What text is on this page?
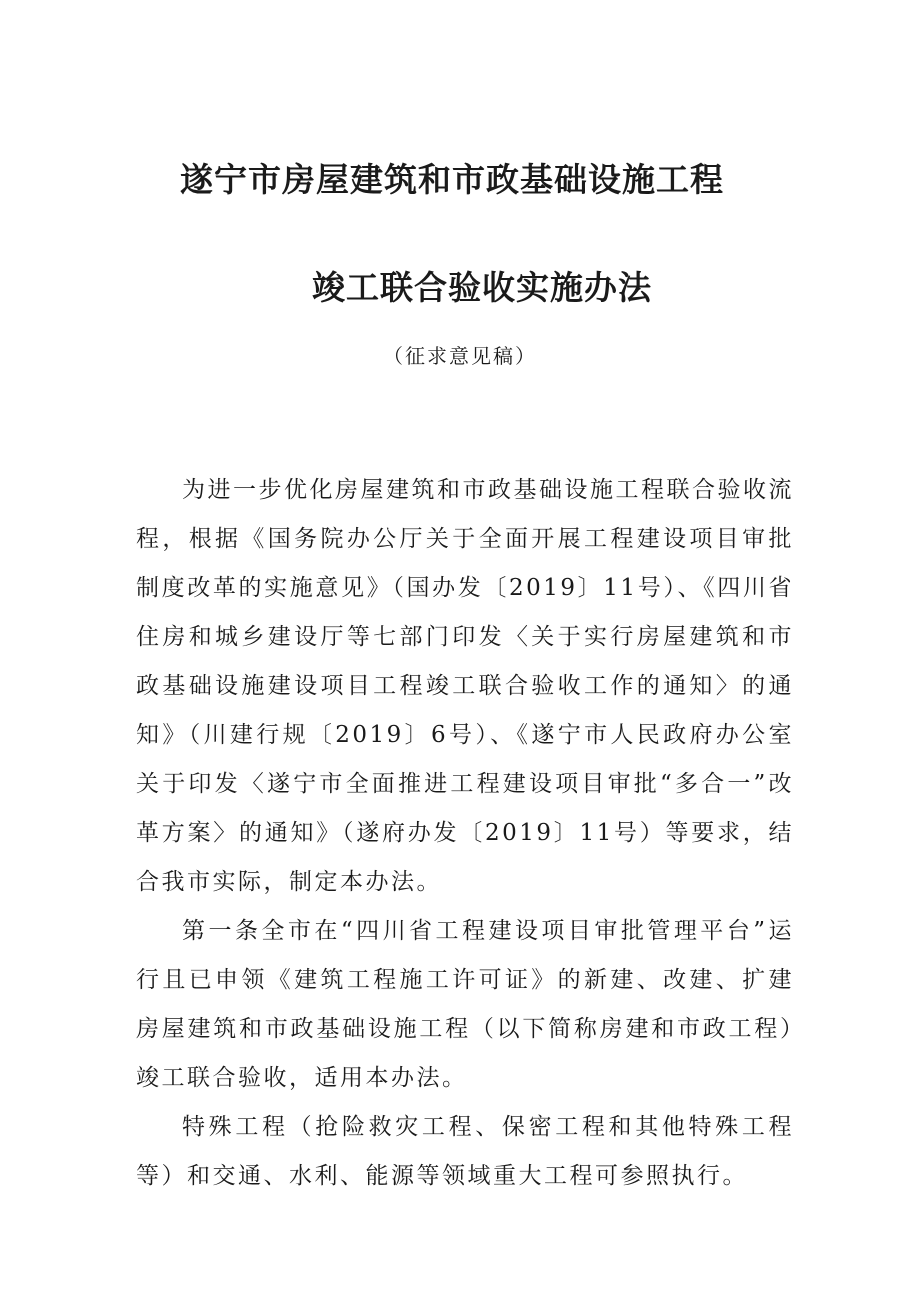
遂宁市房屋建筑和市政基础设施工程
竣工联合验收实施办法

（征求意见稿）

为进一步优化房屋建筑和市政基础设施工程联合验收流程，根据《国务院办公厅关于全面开展工程建设项目审批制度改革的实施意见》（国办发〔2019〕11号）、《四川省住房和城乡建设厅等七部门印发〈关于实行房屋建筑和市政基础设施建设项目工程竣工联合验收工作的通知〉的通知》（川建行规〔2019〕6号）、《遂宁市人民政府办公室关于印发〈遂宁市全面推进工程建设项目审批“多合一”改革方案〉的通知》（遂府办发〔2019〕11号）等要求，结合我市实际，制定本办法。

第一条全市在“四川省工程建设项目审批管理平台”运行且已申领《建筑工程施工许可证》的新建、改建、扩建房屋建筑和市政基础设施工程（以下简称房建和市政工程）竣工联合验收，适用本办法。

特殊工程（抢险救灾工程、保密工程和其他特殊工程等）和交通、水利、能源等领域重大工程可参照执行。
